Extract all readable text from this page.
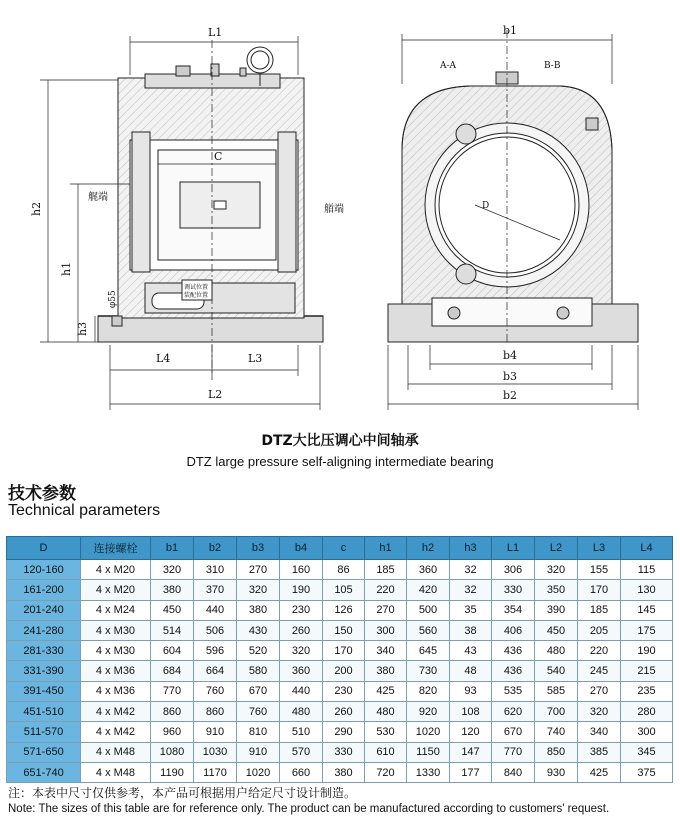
L1
C
h2
h1
h3
L4	L3
L2
φ55
艉端
艏端
调试位置
装配位置
b1
A-A	B-B
D
b4
b3
b2
DTZ大比压调心中间轴承
DTZ large pressure self-aligning intermediate bearing
技术参数
Technical parameters
D	连接螺栓	b1	b2	b3	b4	c	h1	h2	h3	L1	L2	L3	L4
120-160	4 x M20	320	310	270	160	86	185	360	32	306	320	155	115
161-200	4 x M20	380	370	320	190	105	220	420	32	330	350	170	130
201-240	4 x M24	450	440	380	230	126	270	500	35	354	390	185	145
241-280	4 x M30	514	506	430	260	150	300	560	38	406	450	205	175
281-330	4 x M30	604	596	520	320	170	340	645	43	436	480	220	190
331-390	4 x M36	684	664	580	360	200	380	730	48	436	540	245	215
391-450	4 x M36	770	760	670	440	230	425	820	93	535	585	270	235
451-510	4 x M42	860	860	760	480	260	480	920	108	620	700	320	280
511-570	4 x M42	960	910	810	510	290	530	1020	120	670	740	340	300
571-650	4 x M48	1080	1030	910	570	330	610	1150	147	770	850	385	345
651-740	4 x M48	1190	1170	1020	660	380	720	1330	177	840	930	425	375
注：本表中尺寸仅供参考，本产品可根据用户给定尺寸设计制造。
Note: The sizes of this table are for reference only. The product can be manufactured according to customers' request.
